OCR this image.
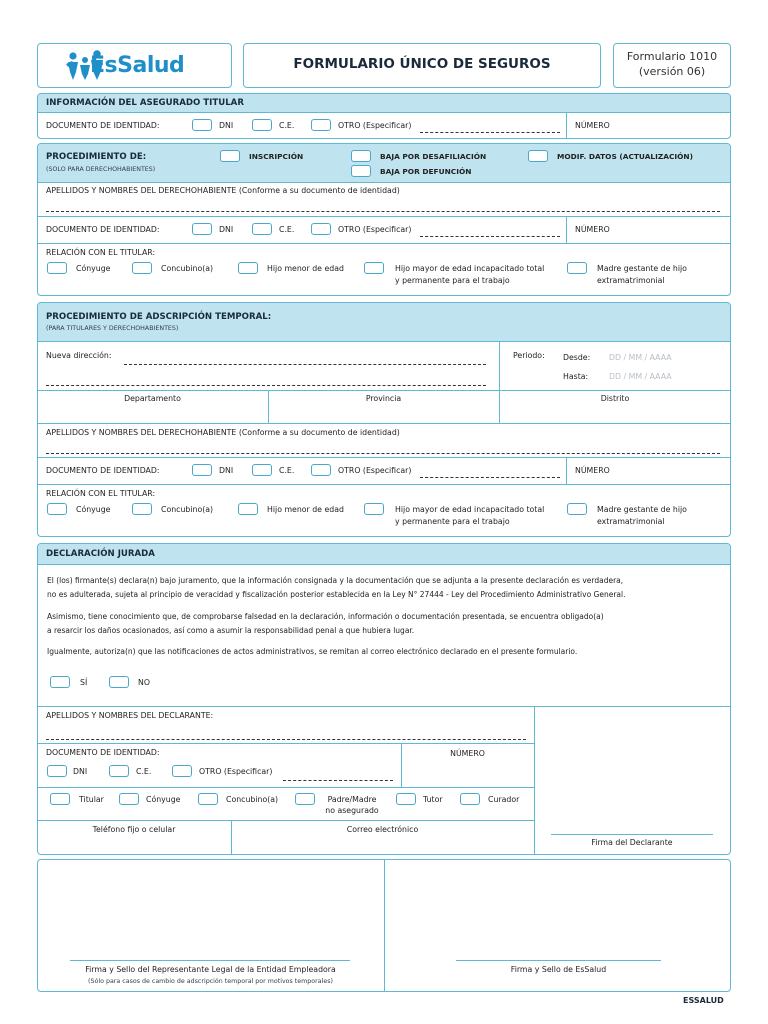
EsSalud	FORMULARIO ÚNICO DE SEGUROS	Formulario 1010
(versión 06)
INFORMACIÓN DEL ASEGURADO TITULAR
DOCUMENTO DE IDENTIDAD:	DNI	C.E.	OTRO (Especificar)	NÚMERO
PROCEDIMIENTO DE:
(SOLO PARA DERECHOHABIENTES)
INSCRIPCIÓN	BAJA POR DESAFILIACIÓN
BAJA POR DEFUNCIÓN
MODIF. DATOS (ACTUALIZACIÓN)
APELLIDOS Y NOMBRES DEL DERECHOHABIENTE (Conforme a su documento de identidad)
DOCUMENTO DE IDENTIDAD:	DNI	C.E.	OTRO (Especificar)	NÚMERO
RELACIÓN CON EL TITULAR:
Cónyuge	Concubino(a)	Hijo menor de edad	Hijo mayor de edad incapacitado total
y permanente para el trabajo
Madre gestante de hijo
extramatrimonial
PROCEDIMIENTO DE ADSCRIPCIÓN TEMPORAL:
(PARA TITULARES Y DERECHOHABIENTES)
Nueva dirección:	Periodo: Desde: DD / MM / AAAA
Hasta:	DD / MM / AAAA
Departamento	Provincia	Distrito
APELLIDOS Y NOMBRES DEL DERECHOHABIENTE (Conforme a su documento de identidad)
DOCUMENTO DE IDENTIDAD:	DNI	C.E.	OTRO (Especificar)	NÚMERO
RELACIÓN CON EL TITULAR:
Cónyuge	Concubino(a)	Hijo menor de edad	Hijo mayor de edad incapacitado total
y permanente para el trabajo
Madre gestante de hijo
extramatrimonial
DECLARACIÓN JURADA
El (los) firmante(s) declara(n) bajo juramento, que la información consignada y la documentación que se adjunta a la presente declaración es verdadera,
no es adulterada, sujeta al principio de veracidad y fiscalización posterior establecida en la Ley N° 27444 - Ley del Procedimiento Administrativo General.
Asimismo, tiene conocimiento que, de comprobarse falsedad en la declaración, información o documentación presentada, se encuentra obligado(a)
a resarcir los daños ocasionados, así como a asumir la responsabilidad penal a que hubiera lugar.
Igualmente, autoriza(n) que las notificaciones de actos administrativos, se remitan al correo electrónico declarado en el presente formulario.
SÍ	NO
APELLIDOS Y NOMBRES DEL DECLARANTE:
DOCUMENTO DE IDENTIDAD:	NÚMERO
DNI	C.E.	OTRO (Especificar)
Titular	Cónyuge	Concubino(a)	Padre/Madre
no asegurado
Tutor	Curador
Teléfono fijo o celular	Correo electrónico
Firma del Declarante
Firma y Sello del Representante Legal de la Entidad Empleadora
(Sólo para casos de cambio de adscripción temporal por motivos temporales)
Firma y Sello de EsSalud
ESSALUD
